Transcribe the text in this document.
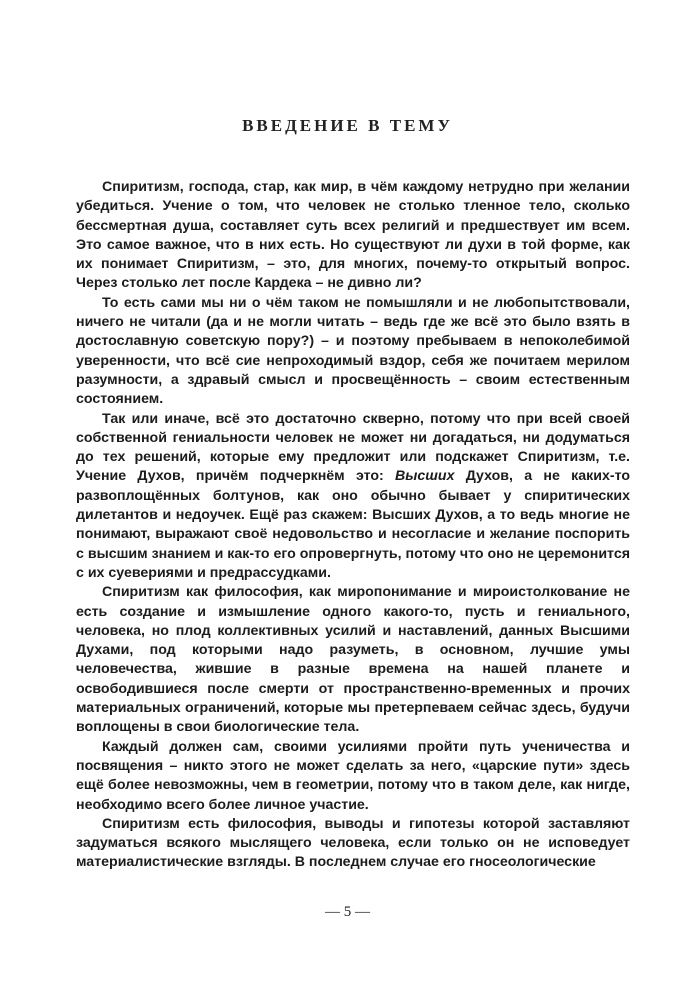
ВВЕДЕНИЕ В ТЕМУ

Спиритизм, господа, стар, как мир, в чём каждому нетрудно при желании убедиться. Учение о том, что человек не столько тленное тело, сколько бессмертная душа, составляет суть всех религий и предшествует им всем. Это самое важное, что в них есть. Но существуют ли духи в той форме, как их понимает Спиритизм, – это, для многих, почему-то открытый вопрос. Через столько лет после Кардека – не дивно ли?

То есть сами мы ни о чём таком не помышляли и не любопытствовали, ничего не читали (да и не могли читать – ведь где же всё это было взять в достославную советскую пору?) – и поэтому пребываем в непоколебимой уверенности, что всё сие непроходимый вздор, себя же почитаем мерилом разумности, а здравый смысл и просвещённость – своим естественным состоянием.

Так или иначе, всё это достаточно скверно, потому что при всей своей собственной гениальности человек не может ни догадаться, ни додуматься до тех решений, которые ему предложит или подскажет Спиритизм, т.е. Учение Духов, причём подчеркнём это: Высших Духов, а не каких-то развоплощённых болтунов, как оно обычно бывает у спиритических дилетантов и недоучек. Ещё раз скажем: Высших Духов, а то ведь многие не понимают, выражают своё недовольство и несогласие и желание поспорить с высшим знанием и как-то его опровергнуть, потому что оно не церемонится с их суевериями и предрассудками.

Спиритизм как философия, как миропонимание и мироистолкование не есть создание и измышление одного какого-то, пусть и гениального, человека, но плод коллективных усилий и наставлений, данных Высшими Духами, под которыми надо разуметь, в основном, лучшие умы человечества, жившие в разные времена на нашей планете и освободившиеся после смерти от пространственно-временных и прочих материальных ограничений, которые мы претерпеваем сейчас здесь, будучи воплощены в свои биологические тела.

Каждый должен сам, своими усилиями пройти путь ученичества и посвящения – никто этого не может сделать за него, «царские пути» здесь ещё более невозможны, чем в геометрии, потому что в таком деле, как нигде, необходимо всего более личное участие.

Спиритизм есть философия, выводы и гипотезы которой заставляют задуматься всякого мыслящего человека, если только он не исповедует материалистические взгляды. В последнем случае его гносеологические

— 5 —
